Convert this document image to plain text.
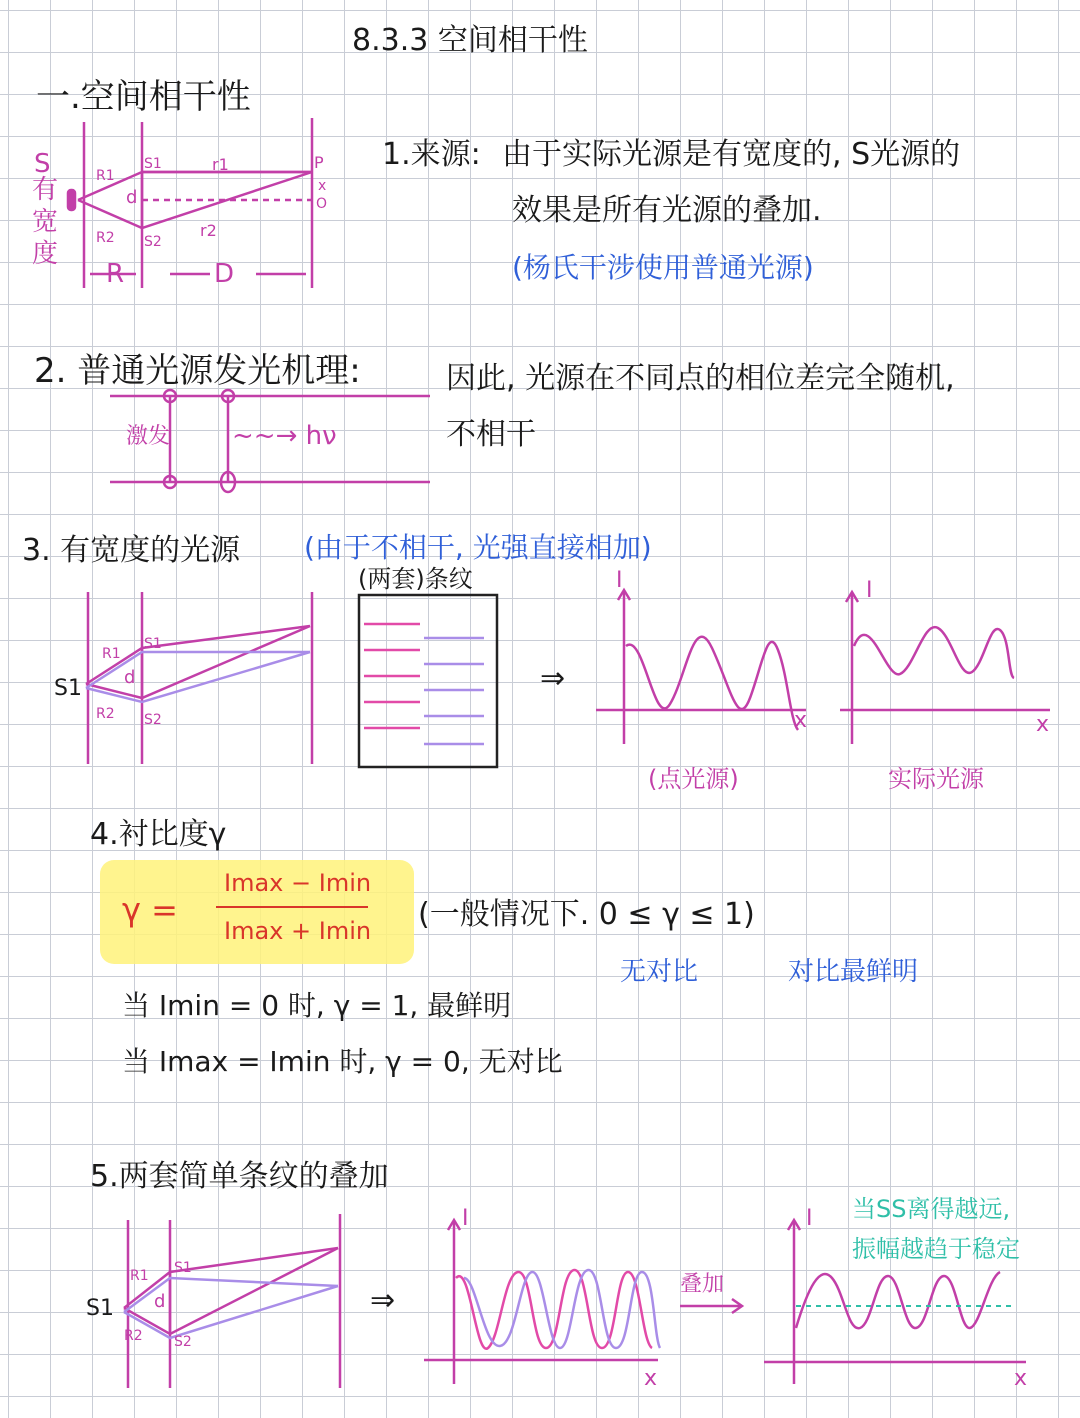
8.3.3 空间相干性
一.空间相干性
S
有
宽
度
R1
R2
S1
S2
d
r1
r2
P
x
O
R	D
1.来源: 由于实际光源是有宽度的, S光源的
效果是所有光源的叠加.
(杨氏干涉使用普通光源)
2. 普通光源发光机理:
激发 ~~→ hν
因此, 光源在不同点的相位差完全随机,
不相干
3. 有宽度的光源 (由于不相干, 光强直接相加)
S1
R1
R2
d
S1
S2
(两套)条纹
⇒
I
x
(点光源)
I
x
实际光源
4.衬比度γ
γ =
Imax − Imin
Imax + Imin (一般情况下. 0 ≤ γ ≤ 1)
无对比	对比最鲜明
当 Imin = 0 时, γ = 1, 最鲜明
当 Imax = Imin 时, γ = 0, 无对比
5.两套简单条纹的叠加
S1
R1
R2
d
S1
S2
⇒
I
x
叠加
I
x
当SS离得越远,
振幅越趋于稳定
